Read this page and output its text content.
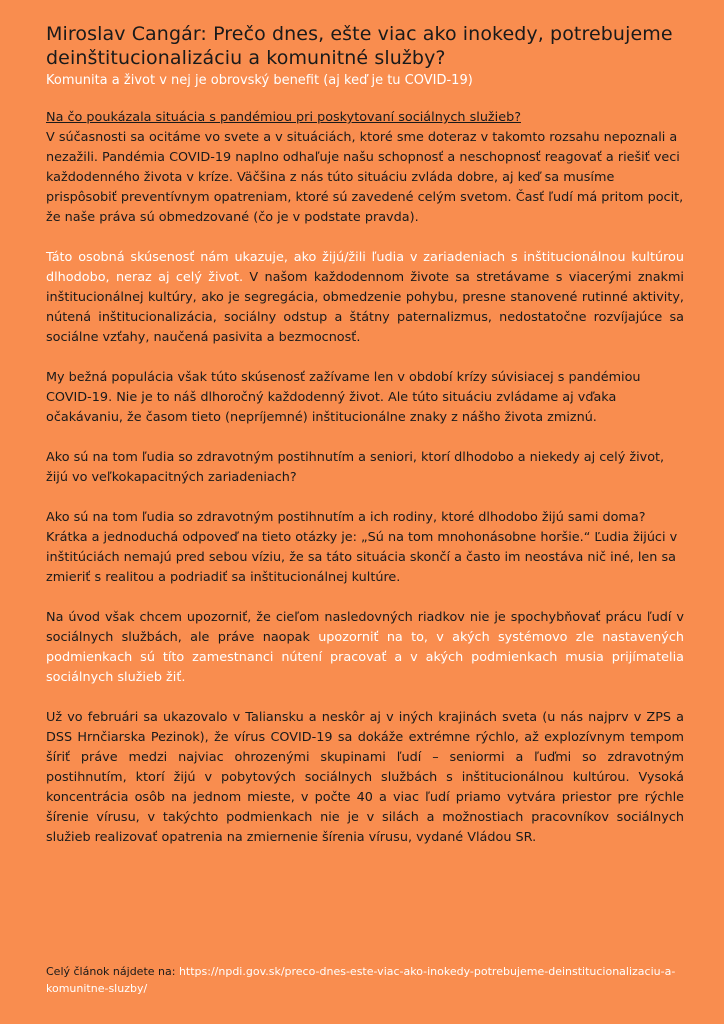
Miroslav Cangár: Prečo dnes, ešte viac ako inokedy, potrebujeme deinštitucionalizáciu a komunitné služby?

Komunita a život v nej je obrovský benefit (aj keď je tu COVID-19)

Na čo poukázala situácia s pandémiou pri poskytovaní sociálnych služieb?

V súčasnosti sa ocitáme vo svete a v situáciách, ktoré sme doteraz v takomto rozsahu nepoznali a nezažili. Pandémia COVID-19 naplno odhaľuje našu schopnosť a neschopnosť reagovať a riešiť veci každodenného života v kríze. Väčšina z nás túto situáciu zvláda dobre, aj keď sa musíme prispôsobiť preventívnym opatreniam, ktoré sú zavedené celým svetom. Časť ľudí má pritom pocit, že naše práva sú obmedzované (čo je v podstate pravda).

Táto osobná skúsenosť nám ukazuje, ako žijú/žili ľudia v zariadeniach s inštitucionálnou kultúrou dlhodobo, neraz aj celý život. V našom každodennom živote sa stretávame s viacerými znakmi inštitucionálnej kultúry, ako je segregácia, obmedzenie pohybu, presne stanovené rutinné aktivity, nútená inštitucionalizácia, sociálny odstup a štátny paternalizmus, nedostatočne rozvíjajúce sa sociálne vzťahy, naučená pasivita a bezmocnosť.

My bežná populácia však túto skúsenosť zažívame len v období krízy súvisiacej s pandémiou COVID-19. Nie je to náš dlhoročný každodenný život. Ale túto situáciu zvládame aj vďaka očakávaniu, že časom tieto (nepríjemné) inštitucionálne znaky z nášho života zmiznú.

Ako sú na tom ľudia so zdravotným postihnutím a seniori, ktorí dlhodobo a niekedy aj celý život, žijú vo veľkokapacitných zariadeniach?

Ako sú na tom ľudia so zdravotným postihnutím a ich rodiny, ktoré dlhodobo žijú sami doma?

Krátka a jednoduchá odpoveď na tieto otázky je: „Sú na tom mnohonásobne horšie.“ Ľudia žijúci v inštitúciách nemajú pred sebou víziu, že sa táto situácia skončí a často im neostáva nič iné, len sa zmieriť s realitou a podriadiť sa inštitucionálnej kultúre.

Na úvod však chcem upozorniť, že cieľom nasledovných riadkov nie je spochybňovať prácu ľudí v sociálnych službách, ale práve naopak upozorniť na to, v akých systémovo zle nastavených podmienkach sú títo zamestnanci nútení pracovať a v akých podmienkach musia prijímatelia sociálnych služieb žiť.

Už vo februári sa ukazovalo v Taliansku a neskôr aj v iných krajinách sveta (u nás najprv v ZPS a DSS Hrnčiarska Pezinok), že vírus COVID-19 sa dokáže extrémne rýchlo, až explozívnym tempom šíriť práve medzi najviac ohrozenými skupinami ľudí – seniormi a ľuďmi so zdravotným postihnutím, ktorí žijú v pobytových sociálnych službách s inštitucionálnou kultúrou. Vysoká koncentrácia osôb na jednom mieste, v počte 40 a viac ľudí priamo vytvára priestor pre rýchle šírenie vírusu, v takýchto podmienkach nie je v silách a možnostiach pracovníkov sociálnych služieb realizovať opatrenia na zmiernenie šírenia vírusu, vydané Vládou SR.

Celý článok nájdete na: https://npdi.gov.sk/preco-dnes-este-viac-ako-inokedy-potrebujeme-deinstitucionalizaciu-a-komunitne-sluzby/
